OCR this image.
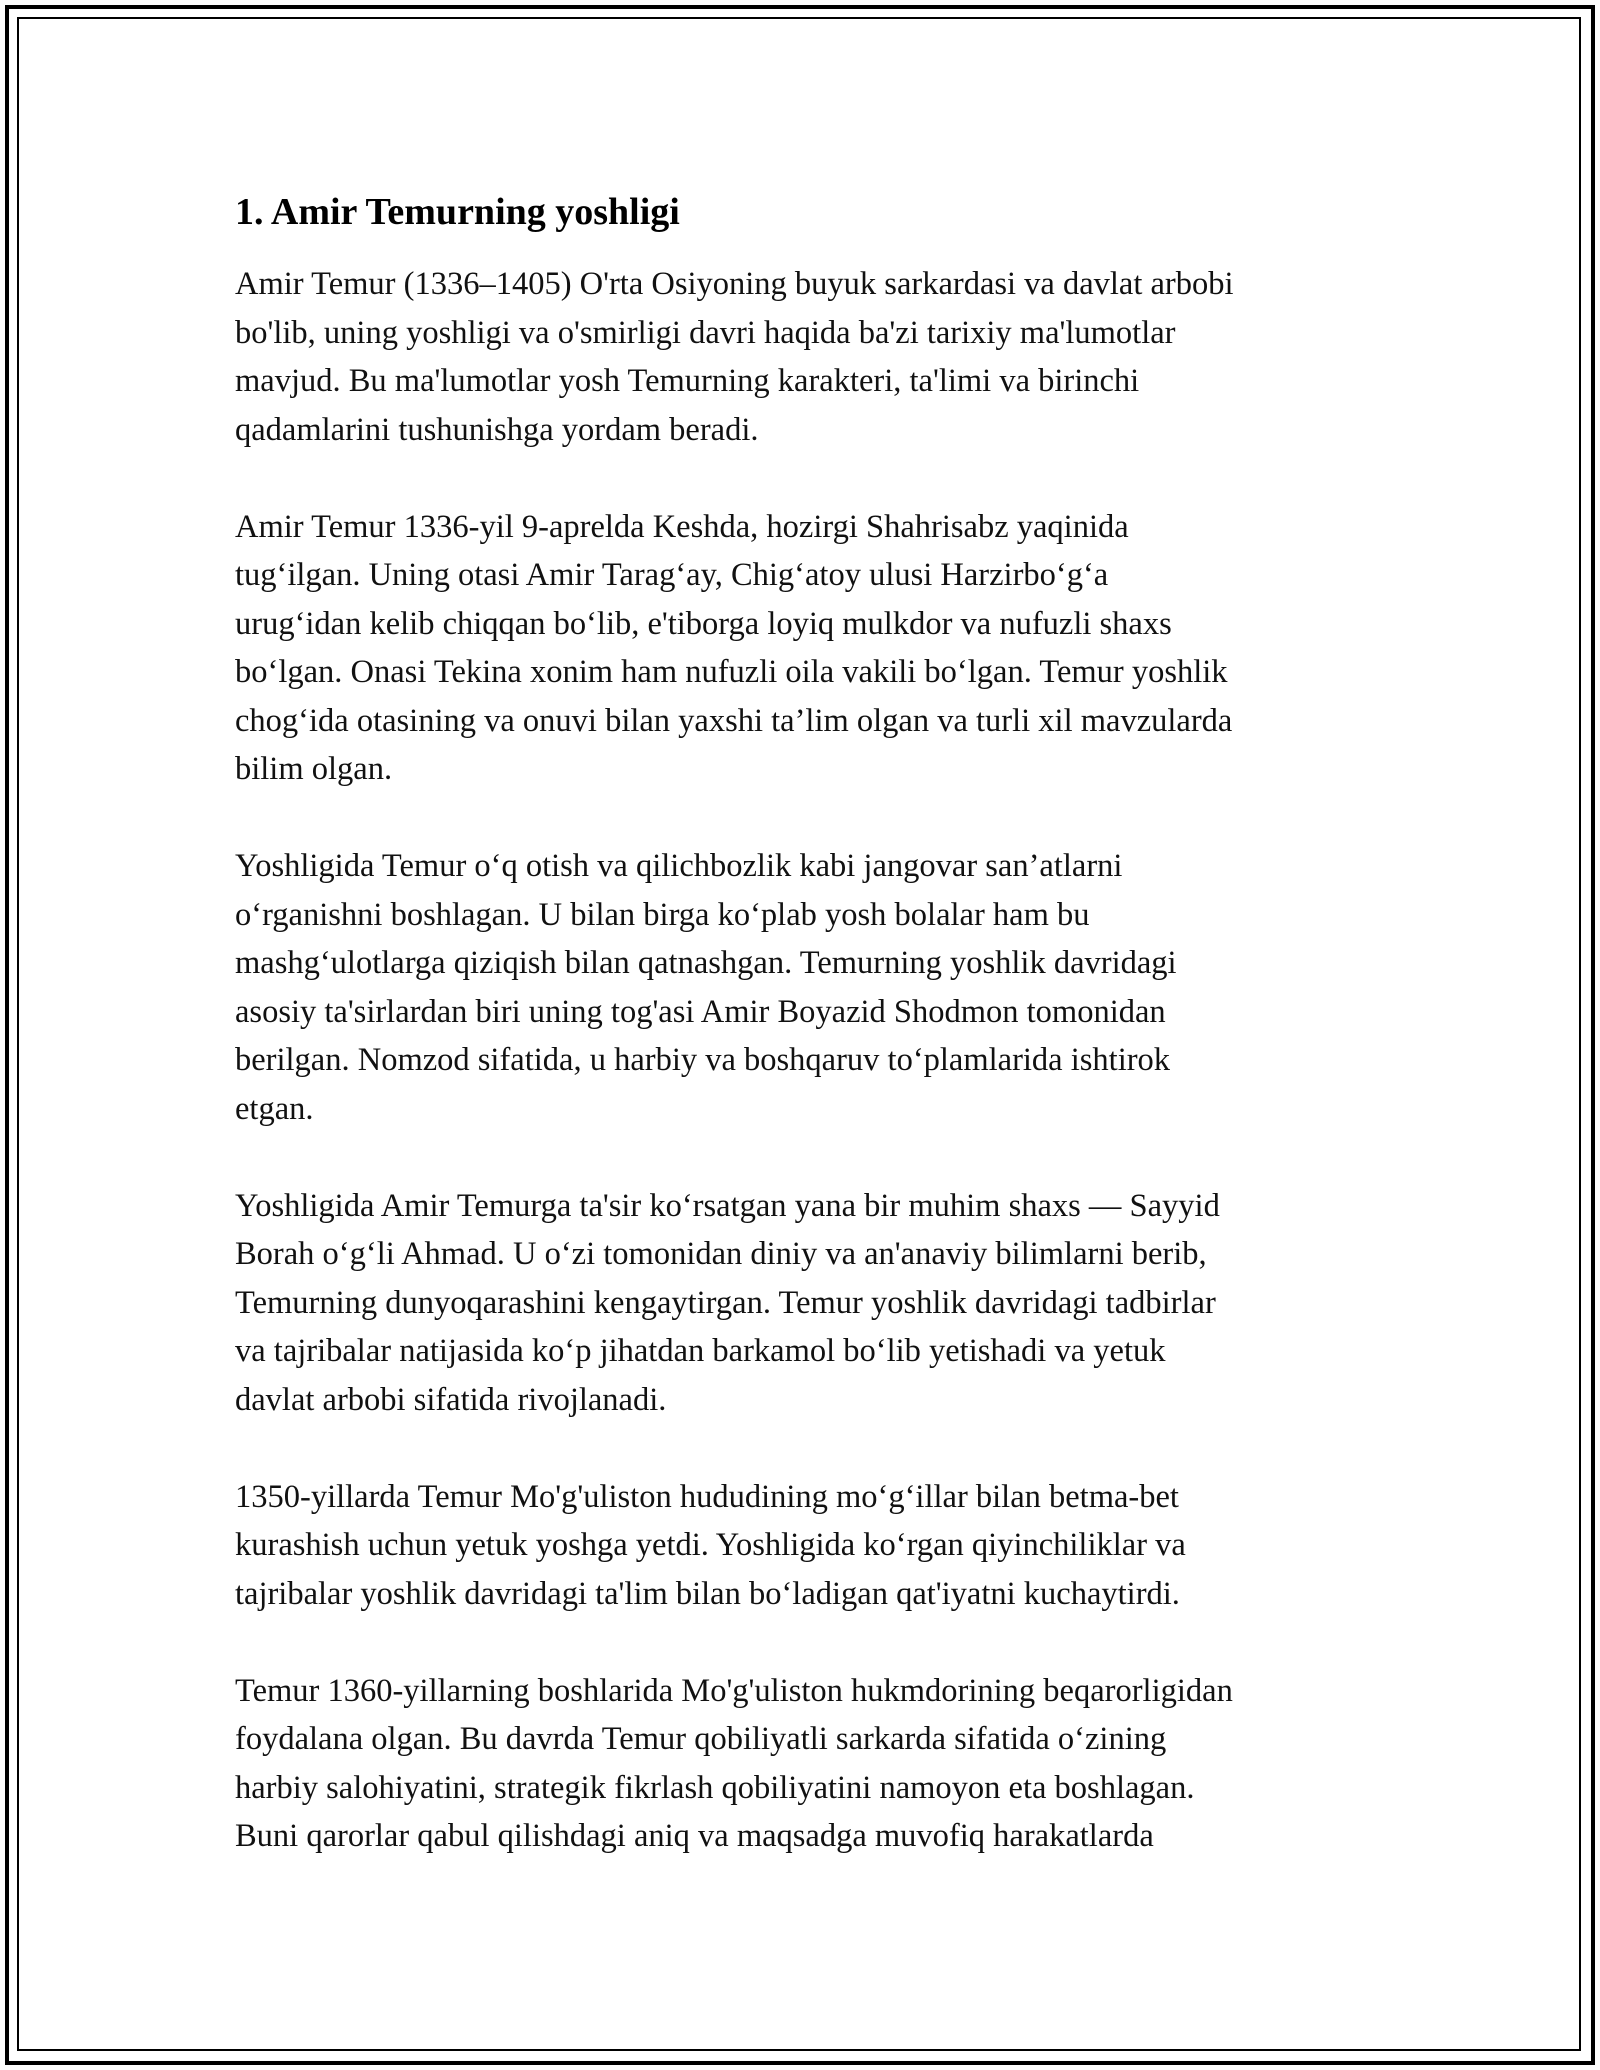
1. Amir Temurning yoshligi

Amir Temur (1336–1405) O'rta Osiyoning buyuk sarkardasi va davlat arbobi
bo'lib, uning yoshligi va o'smirligi davri haqida ba'zi tarixiy ma'lumotlar
mavjud. Bu ma'lumotlar yosh Temurning karakteri, ta'limi va birinchi
qadamlarini tushunishga yordam beradi.

Amir Temur 1336-yil 9-aprelda Keshda, hozirgi Shahrisabz yaqinida
tug‘ilgan. Uning otasi Amir Tarag‘ay, Chig‘atoy ulusi Harzirbo‘g‘a
urug‘idan kelib chiqqan bo‘lib, e'tiborga loyiq mulkdor va nufuzli shaxs
bo‘lgan. Onasi Tekina xonim ham nufuzli oila vakili bo‘lgan. Temur yoshlik
chog‘ida otasining va onuvi bilan yaxshi ta’lim olgan va turli xil mavzularda
bilim olgan.

Yoshligida Temur o‘q otish va qilichbozlik kabi jangovar san’atlarni
o‘rganishni boshlagan. U bilan birga ko‘plab yosh bolalar ham bu
mashg‘ulotlarga qiziqish bilan qatnashgan. Temurning yoshlik davridagi
asosiy ta'sirlardan biri uning tog'asi Amir Boyazid Shodmon tomonidan
berilgan. Nomzod sifatida, u harbiy va boshqaruv to‘plamlarida ishtirok
etgan.

Yoshligida Amir Temurga ta'sir ko‘rsatgan yana bir muhim shaxs — Sayyid
Borah o‘g‘li Ahmad. U o‘zi tomonidan diniy va an'anaviy bilimlarni berib,
Temurning dunyoqarashini kengaytirgan. Temur yoshlik davridagi tadbirlar
va tajribalar natijasida ko‘p jihatdan barkamol bo‘lib yetishadi va yetuk
davlat arbobi sifatida rivojlanadi.

1350-yillarda Temur Mo'g'uliston hududining mo‘g‘illar bilan betma-bet
kurashish uchun yetuk yoshga yetdi. Yoshligida ko‘rgan qiyinchiliklar va
tajribalar yoshlik davridagi ta'lim bilan bo‘ladigan qat'iyatni kuchaytirdi.

Temur 1360-yillarning boshlarida Mo'g'uliston hukmdorining beqarorligidan
foydalana olgan. Bu davrda Temur qobiliyatli sarkarda sifatida o‘zining
harbiy salohiyatini, strategik fikrlash qobiliyatini namoyon eta boshlagan.
Buni qarorlar qabul qilishdagi aniq va maqsadga muvofiq harakatlarda
